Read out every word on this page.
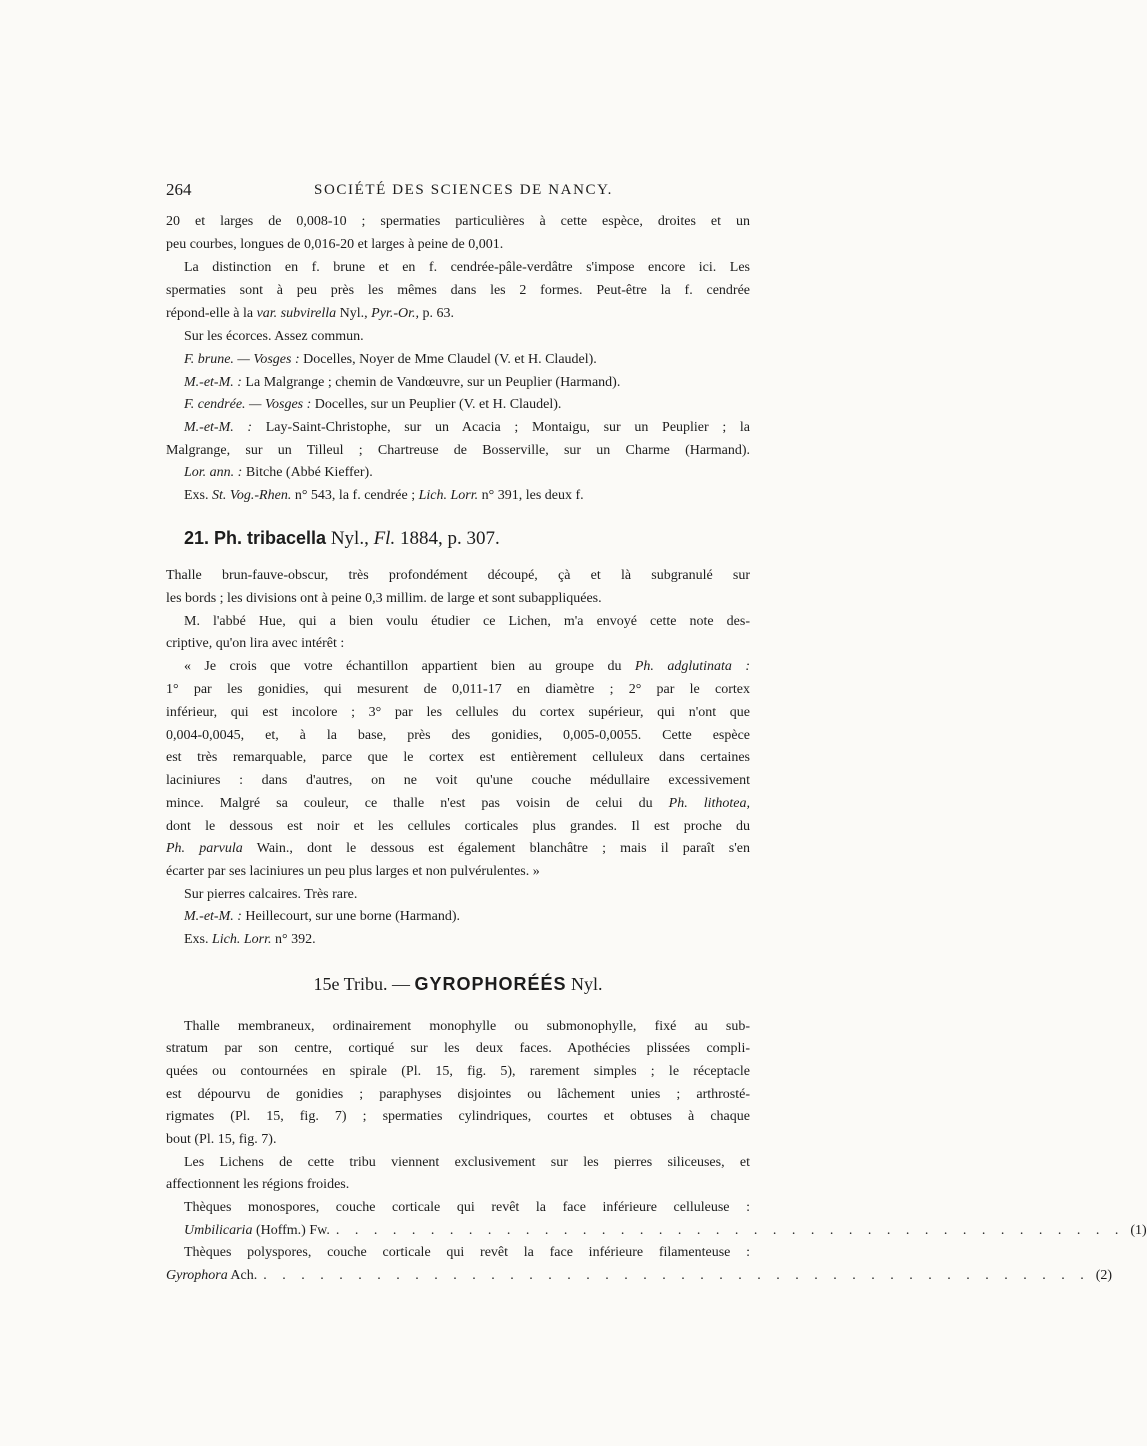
264	SOCIÉTÉ DES SCIENCES DE NANCY.
20 et larges de 0,008-10 ; spermaties particulières à cette espèce, droites et un
peu courbes, longues de 0,016-20 et larges à peine de 0,001.
La distinction en f. brune et en f. cendrée-pâle-verdâtre s'impose encore ici. Les
spermaties sont à peu près les mêmes dans les 2 formes. Peut-être la f. cendrée
répond-elle à la var. subvirella Nyl., Pyr.-Or., p. 63.
Sur les écorces. Assez commun.
F. brune. — Vosges : Docelles, Noyer de Mme Claudel (V. et H. Claudel).
M.-et-M. : La Malgrange ; chemin de Vandœuvre, sur un Peuplier (Harmand).
F. cendrée. — Vosges : Docelles, sur un Peuplier (V. et H. Claudel).
M.-et-M. : Lay-Saint-Christophe, sur un Acacia ; Montaigu, sur un Peuplier ; la
Malgrange, sur un Tilleul ; Chartreuse de Bosserville, sur un Charme (Harmand).
Lor. ann. : Bitche (Abbé Kieffer).
Exs. St. Vog.-Rhen. n° 543, la f. cendrée ; Lich. Lorr. n° 391, les deux f.
21. Ph. tribacella Nyl., Fl. 1884, p. 307.
Thalle brun-fauve-obscur, très profondément découpé, çà et là subgranulé sur
les bords ; les divisions ont à peine 0,3 millim. de large et sont subappliquées.
M. l'abbé Hue, qui a bien voulu étudier ce Lichen, m'a envoyé cette note des-
criptive, qu'on lira avec intérêt :
« Je crois que votre échantillon appartient bien au groupe du Ph. adglutinata :
1° par les gonidies, qui mesurent de 0,011-17 en diamètre ; 2° par le cortex
inférieur, qui est incolore ; 3° par les cellules du cortex supérieur, qui n'ont que
0,004-0,0045, et, à la base, près des gonidies, 0,005-0,0055. Cette espèce
est très remarquable, parce que le cortex est entièrement celluleux dans certaines
laciniures : dans d'autres, on ne voit qu'une couche médullaire excessivement
mince. Malgré sa couleur, ce thalle n'est pas voisin de celui du Ph. lithotea,
dont le dessous est noir et les cellules corticales plus grandes. Il est proche du
Ph. parvula Wain., dont le dessous est également blanchâtre ; mais il paraît s'en
écarter par ses laciniures un peu plus larges et non pulvérulentes. »
Sur pierres calcaires. Très rare.
M.-et-M. : Heillecourt, sur une borne (Harmand).
Exs. Lich. Lorr. n° 392.
15e Tribu. — GYROPHORÉÉS Nyl.
Thalle membraneux, ordinairement monophylle ou submonophylle, fixé au sub-
stratum par son centre, cortiqué sur les deux faces. Apothécies plissées compli-
quées ou contournées en spirale (Pl. 15, fig. 5), rarement simples ; le réceptacle
est dépourvu de gonidies ; paraphyses disjointes ou lâchement unies ; arthrosté-
rigmates (Pl. 15, fig. 7) ; spermaties cylindriques, courtes et obtuses à chaque
bout (Pl. 15, fig. 7).
Les Lichens de cette tribu viennent exclusivement sur les pierres siliceuses, et
affectionnent les régions froides.
Thèques monospores, couche corticale qui revêt la face inférieure celluleuse :
Umbilicaria (Hoffm.) Fw. . . . . . . . . . . . . . . . . . . . . . . . . . . . . . . . . . . . . . . . . . . (1)
Thèques polyspores, couche corticale qui revêt la face inférieure filamenteuse :
Gyrophora Ach. . . . . . . . . . . . . . . . . . . . . . . . . . . . . . . . . . . . . . . . . . . . . (2)
